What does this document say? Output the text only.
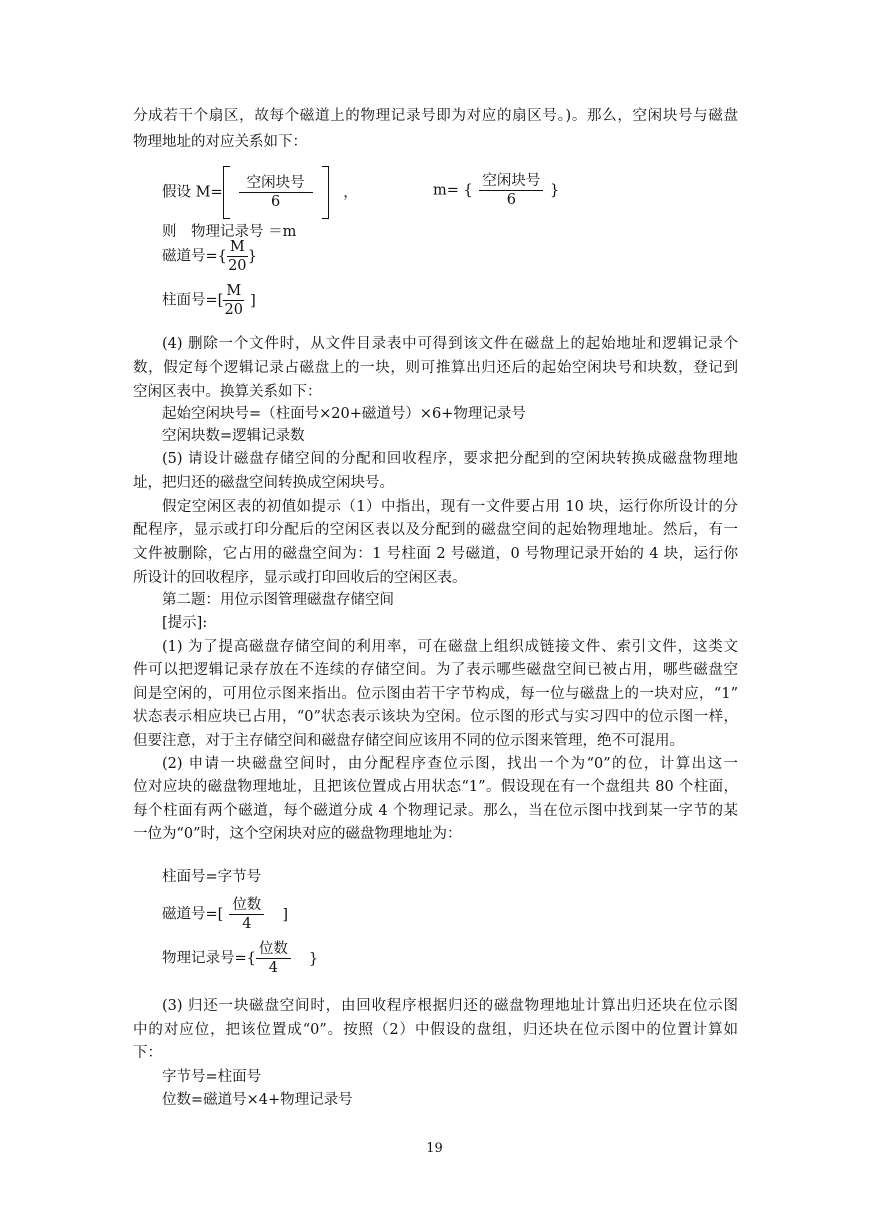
分成若干个扇区，故每个磁道上的物理记录号即为对应的扇区号。)。那么，空闲块号与磁盘
物理地址的对应关系如下：
假设 $M= \frac{\text{空闲块号}}{6}$ ，	m= { $\frac{\text{空闲块号}}{6}$ }
则　物理记录号 ＝m
磁道号={ $\frac{M}{20}$ }
柱面号=[ $\frac{M}{20}$ ]
(4) 删除一个文件时，从文件目录表中可得到该文件在磁盘上的起始地址和逻辑记录个
数，假定每个逻辑记录占磁盘上的一块，则可推算出归还后的起始空闲块号和块数，登记到
空闲区表中。换算关系如下：
起始空闲块号=（柱面号×20+磁道号）×6+物理记录号
空闲块数=逻辑记录数
(5) 请设计磁盘存储空间的分配和回收程序，要求把分配到的空闲块转换成磁盘物理地
址，把归还的磁盘空间转换成空闲块号。
假定空闲区表的初值如提示（1）中指出，现有一文件要占用 10 块，运行你所设计的分
配程序，显示或打印分配后的空闲区表以及分配到的磁盘空间的起始物理地址。然后，有一
文件被删除，它占用的磁盘空间为：1 号柱面 2 号磁道，0 号物理记录开始的 4 块，运行你
所设计的回收程序，显示或打印回收后的空闲区表。
第二题：用位示图管理磁盘存储空间
[提示]:
(1) 为了提高磁盘存储空间的利用率，可在磁盘上组织成链接文件、索引文件，这类文
件可以把逻辑记录存放在不连续的存储空间。为了表示哪些磁盘空间已被占用，哪些磁盘空
间是空闲的，可用位示图来指出。位示图由若干字节构成，每一位与磁盘上的一块对应，“1”
状态表示相应块已占用，“0”状态表示该块为空闲。位示图的形式与实习四中的位示图一样，
但要注意，对于主存储空间和磁盘存储空间应该用不同的位示图来管理，绝不可混用。
(2) 申请一块磁盘空间时，由分配程序查位示图，找出一个为“0”的位，计算出这一
位对应块的磁盘物理地址，且把该位置成占用状态“1”。假设现在有一个盘组共 80 个柱面，
每个柱面有两个磁道，每个磁道分成 4 个物理记录。那么，当在位示图中找到某一字节的某
一位为“0”时，这个空闲块对应的磁盘物理地址为：
柱面号=字节号
磁道号=[ $\frac{\text{位数}}{4}$ ]
物理记录号={ $\frac{\text{位数}}{4}$ }
(3) 归还一块磁盘空间时，由回收程序根据归还的磁盘物理地址计算出归还块在位示图
中的对应位，把该位置成“0”。按照（2）中假设的盘组，归还块在位示图中的位置计算如
下：
字节号=柱面号
位数=磁道号×4+物理记录号
19
